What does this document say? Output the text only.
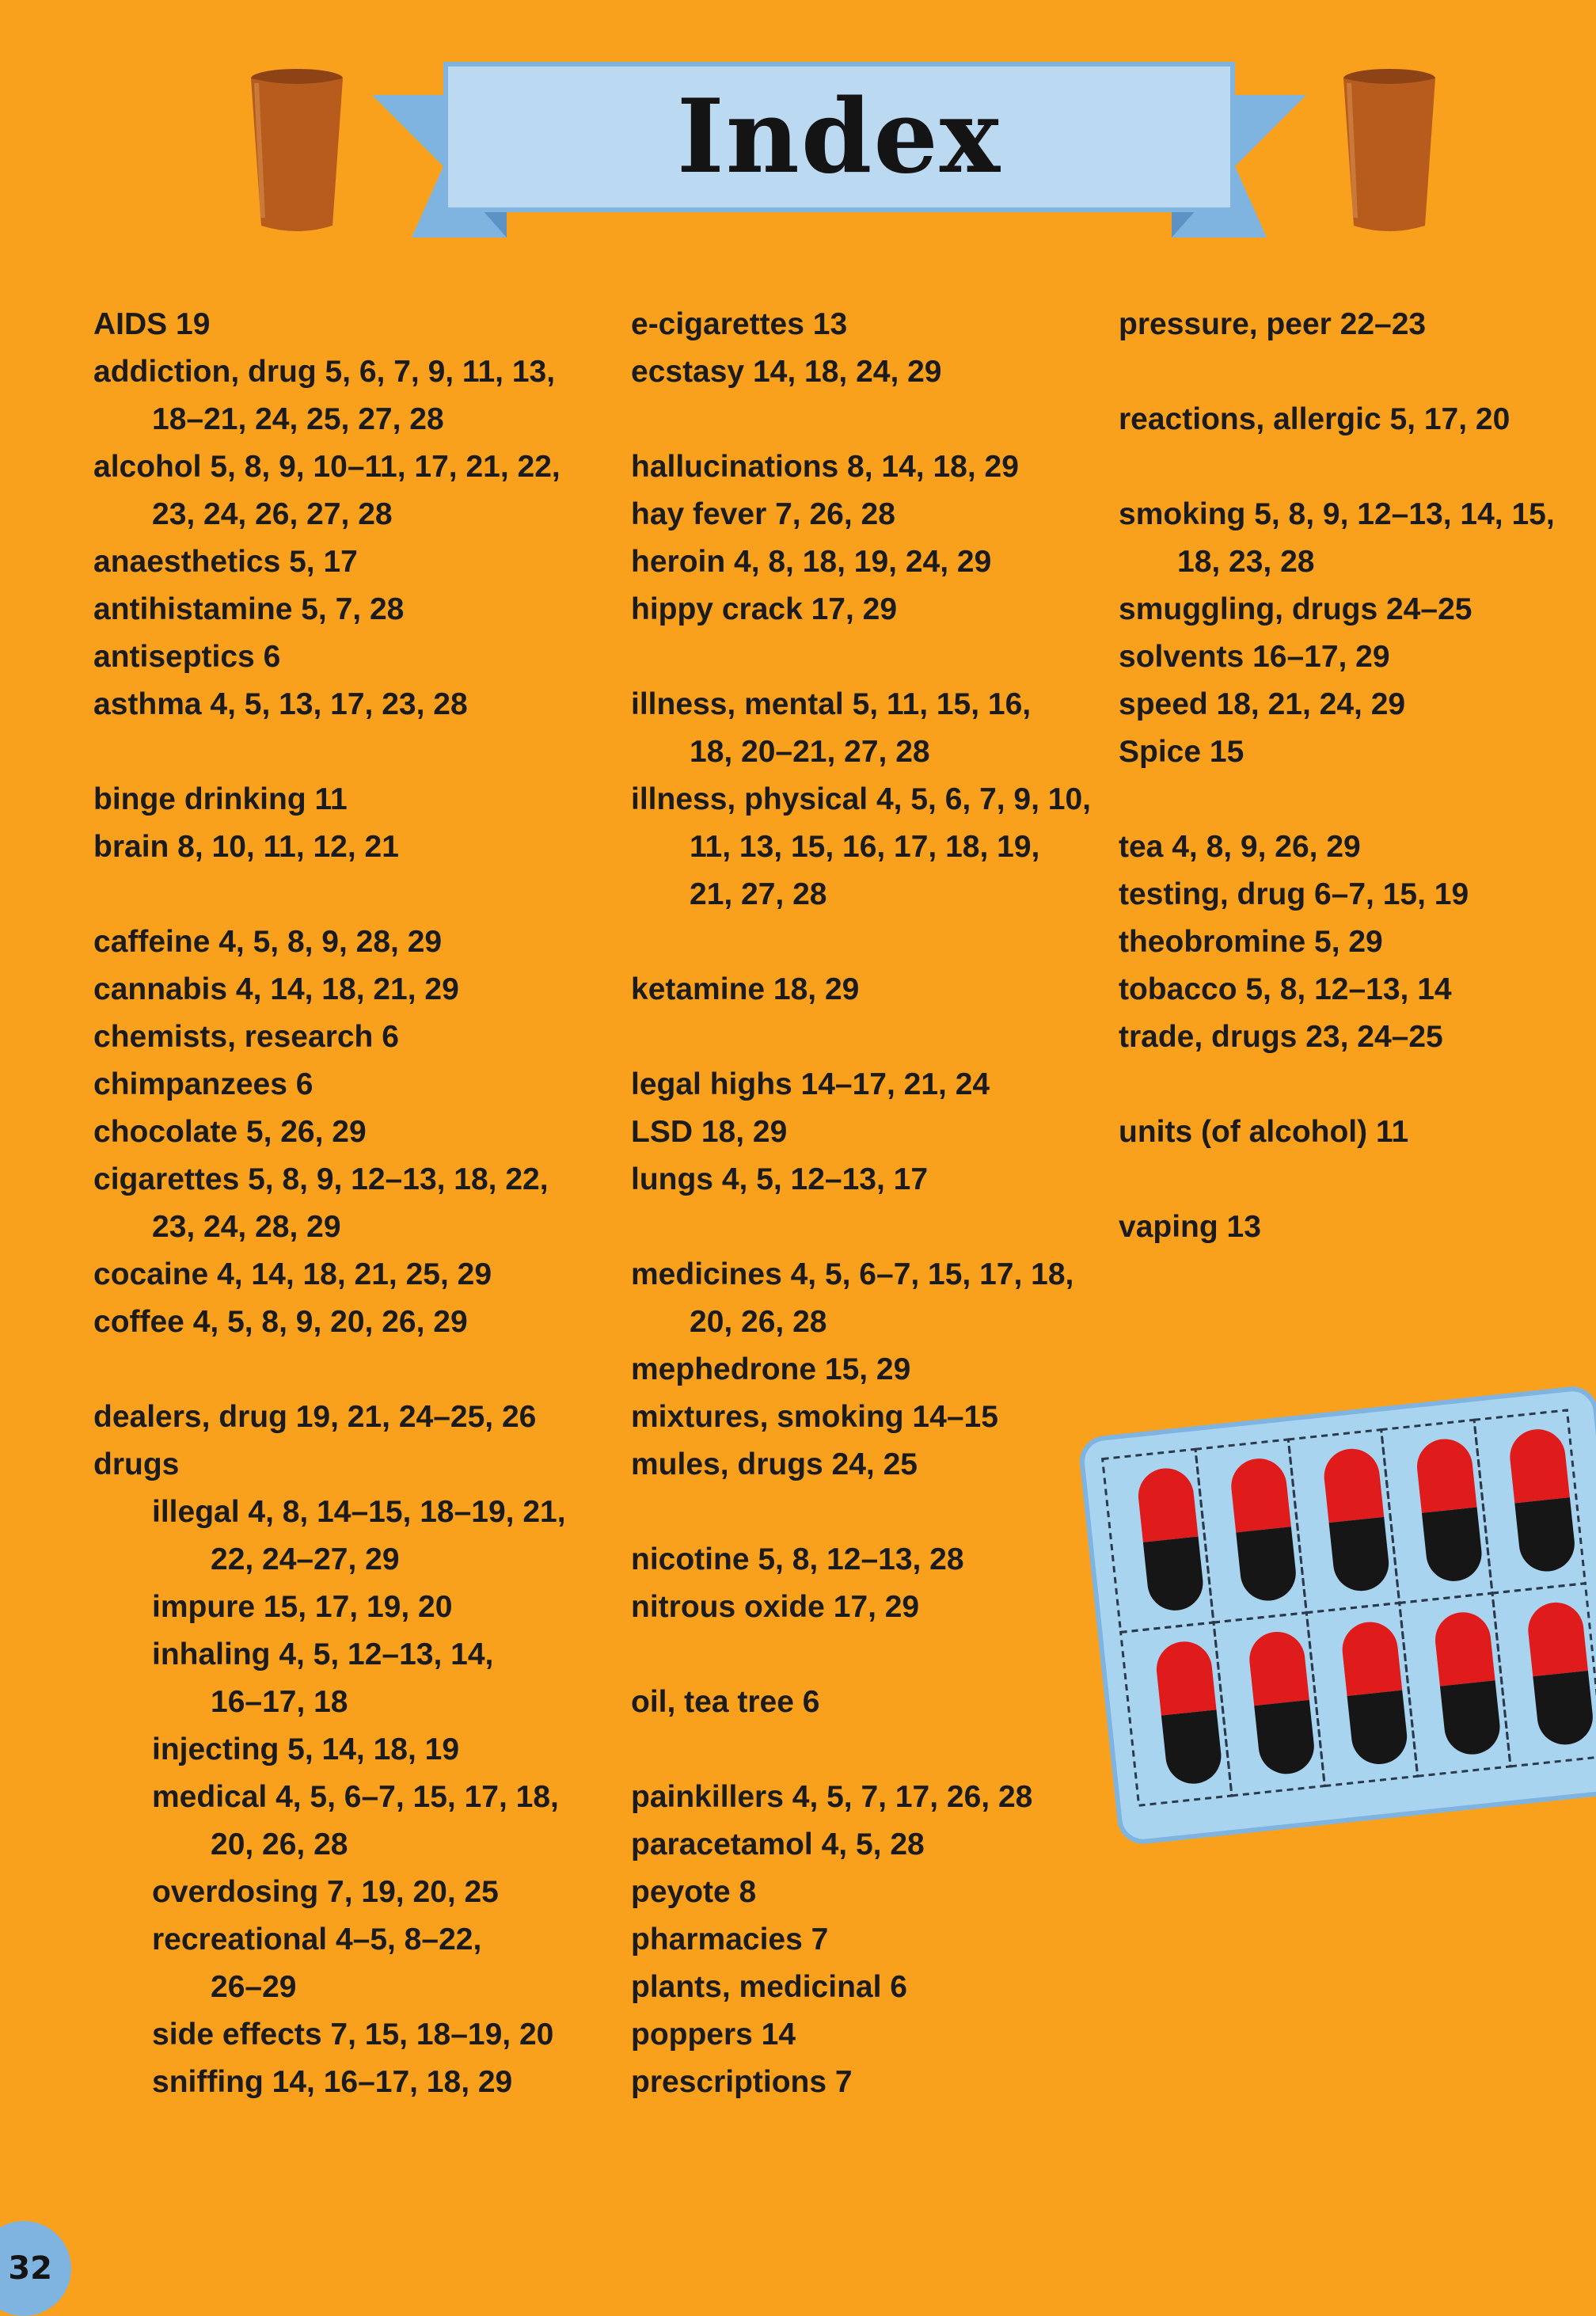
Index
AIDS 19
addiction, drug 5, 6, 7, 9, 11, 13,
18–21, 24, 25, 27, 28
alcohol 5, 8, 9, 10–11, 17, 21, 22,
23, 24, 26, 27, 28
anaesthetics 5, 17
antihistamine 5, 7, 28
antiseptics 6
asthma 4, 5, 13, 17, 23, 28
binge drinking 11
brain 8, 10, 11, 12, 21
caffeine 4, 5, 8, 9, 28, 29
cannabis 4, 14, 18, 21, 29
chemists, research 6
chimpanzees 6
chocolate 5, 26, 29
cigarettes 5, 8, 9, 12–13, 18, 22,
23, 24, 28, 29
cocaine 4, 14, 18, 21, 25, 29
coffee 4, 5, 8, 9, 20, 26, 29
dealers, drug 19, 21, 24–25, 26
drugs
illegal 4, 8, 14–15, 18–19, 21,
22, 24–27, 29
impure 15, 17, 19, 20
inhaling 4, 5, 12–13, 14,
16–17, 18
injecting 5, 14, 18, 19
medical 4, 5, 6–7, 15, 17, 18,
20, 26, 28
overdosing 7, 19, 20, 25
recreational 4–5, 8–22,
26–29
side effects 7, 15, 18–19, 20
sniffing 14, 16–17, 18, 29
e-cigarettes 13
ecstasy 14, 18, 24, 29
hallucinations 8, 14, 18, 29
hay fever 7, 26, 28
heroin 4, 8, 18, 19, 24, 29
hippy crack 17, 29
illness, mental 5, 11, 15, 16,
18, 20–21, 27, 28
illness, physical 4, 5, 6, 7, 9, 10,
11, 13, 15, 16, 17, 18, 19,
21, 27, 28
ketamine 18, 29
legal highs 14–17, 21, 24
LSD 18, 29
lungs 4, 5, 12–13, 17
medicines 4, 5, 6–7, 15, 17, 18,
20, 26, 28
mephedrone 15, 29
mixtures, smoking 14–15
mules, drugs 24, 25
nicotine 5, 8, 12–13, 28
nitrous oxide 17, 29
oil, tea tree 6
painkillers 4, 5, 7, 17, 26, 28
paracetamol 4, 5, 28
peyote 8
pharmacies 7
plants, medicinal 6
poppers 14
prescriptions 7
pressure, peer 22–23
reactions, allergic 5, 17, 20
smoking 5, 8, 9, 12–13, 14, 15,
18, 23, 28
smuggling, drugs 24–25
solvents 16–17, 29
speed 18, 21, 24, 29
Spice 15
tea 4, 8, 9, 26, 29
testing, drug 6–7, 15, 19
theobromine 5, 29
tobacco 5, 8, 12–13, 14
trade, drugs 23, 24–25
units (of alcohol) 11
vaping 13
32
